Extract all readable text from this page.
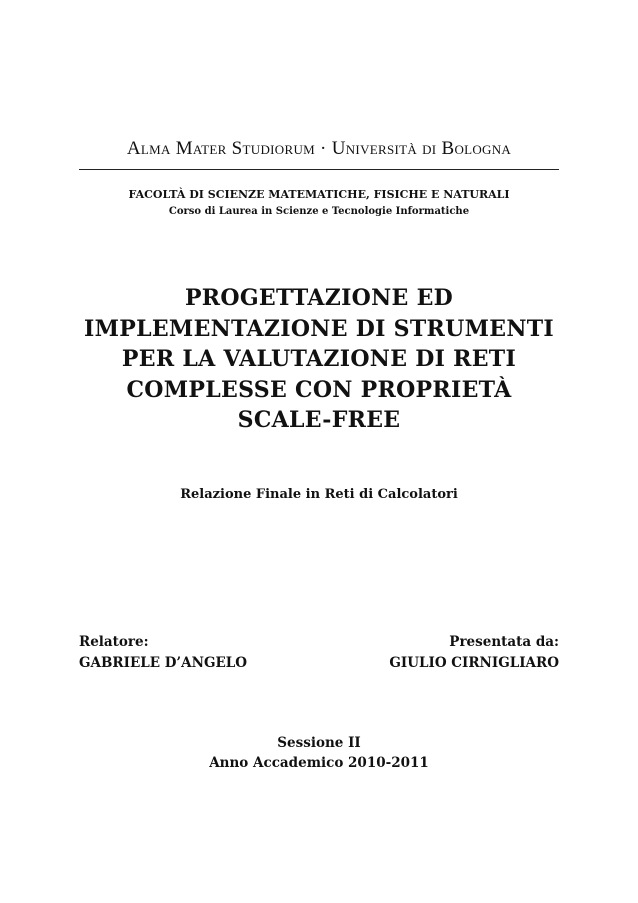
Alma Mater Studiorum · Università di Bologna
FACOLTÀ DI SCIENZE MATEMATICHE, FISICHE E NATURALI
Corso di Laurea in Scienze e Tecnologie Informatiche
PROGETTAZIONE ED
IMPLEMENTAZIONE DI STRUMENTI
PER LA VALUTAZIONE DI RETI
COMPLESSE CON PROPRIETÀ
SCALE-FREE
Relazione Finale in Reti di Calcolatori
Relatore:
GABRIELE D’ANGELO
Presentata da:
GIULIO CIRNIGLIARO
Sessione II
Anno Accademico 2010-2011
